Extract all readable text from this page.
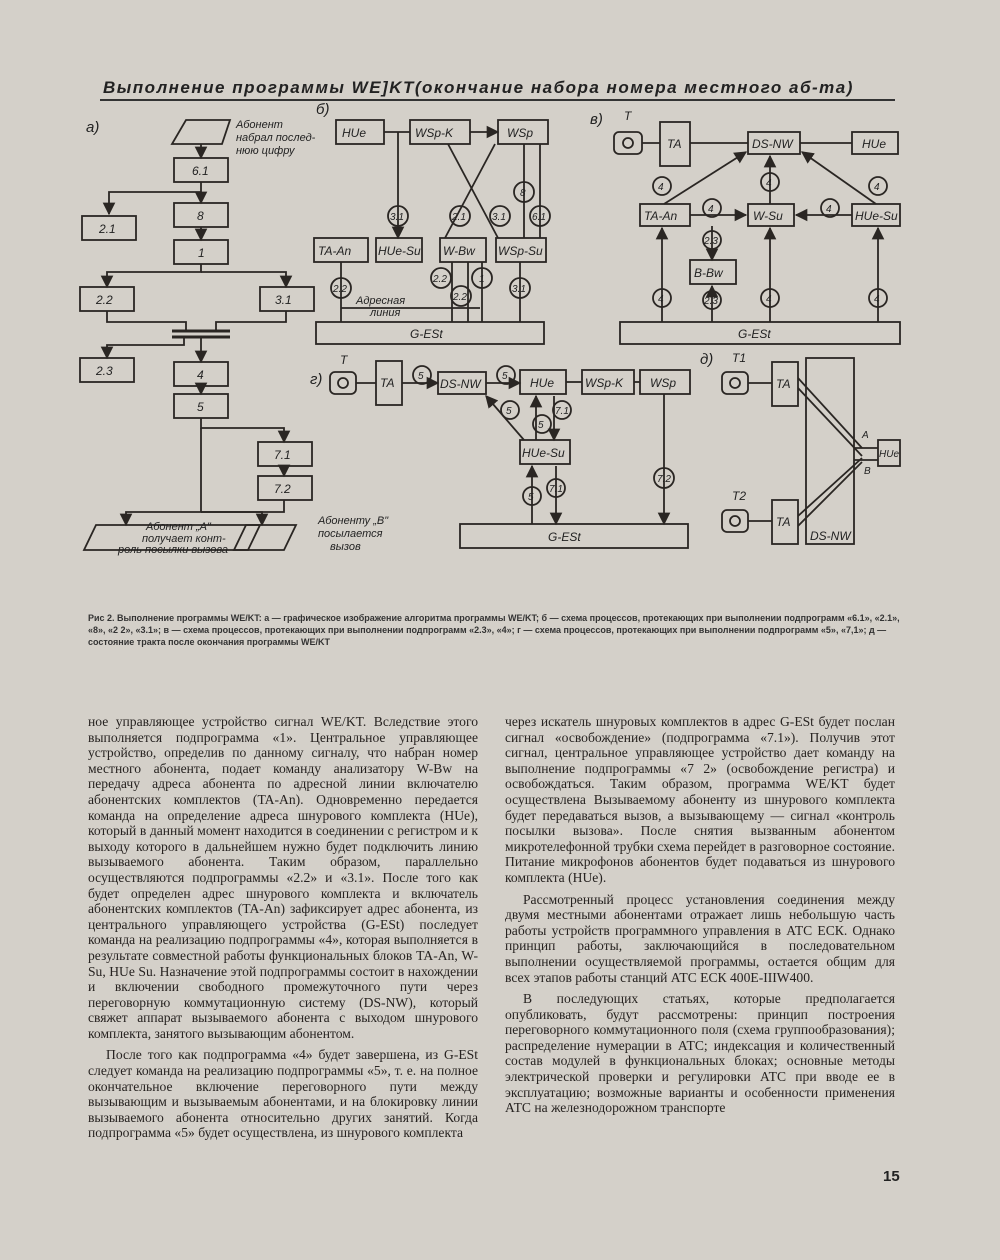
Выполнение программы WE]KT(окончание набора номера местного аб-та)
a)	Абонент
набрал послед-
нюю цифру
6.1
8
2.1
1
2.2	3.1
2.3	4
5
7.1
7.2
Абонент „A"
получает конт-
роль посылки вызова
Абоненту „B"
посылается
вызов
б)
HUe	WSp-K	WSp
3.1	2.1	3.1
8
6.1
TA-An HUe-Su W-Bw WSp-Su
2.2
2.2
2.2
1
3.1
Адресная
линия
G-ESt
в) T
TA	DS-NW	HUe
4	4	4
TA-An	W-Su	HUe-Su
4	4
2.3
B-Bw
4	2.3	4	4
G-ESt
г)
T
TA 5
DS-NW
5 HUe	WSp-K WSp
5
5
7.1
HUe-Su
5
7.1
7.2
G-ESt
д) T1
TA
T2
TA
DS-NW
A
B
HUe
Рис 2. Выполнение программы WE/KT: а — графическое изображение алгоритма программы WE/KT; б — схема процессов, протекающих при выполнении подпрограмм «6.1», «2.1», «8», «2 2», «3.1»; в — схема процессов, протекающих при выполнении подпрограмм «2.3», «4»; г — схема процессов, протекающих при выполнении подпрограмм «5», «7,1»; д — состояние тракта после окончания программы WE/KT

ное управляющее устройство сигнал WE/KT. Вследствие этого выполняется подпрограмма «1». Центральное управляющее устройство, определив по данному сигналу, что набран номер местного абонента, подает команду анализатору W-Bw на передачу адреса абонента по адресной линии включателю абонентских комплектов (TA-An). Одновременно передается команда на определение адреса шнурового комплекта (HUe), который в данный момент находится в соединении с регистром и к выходу которого в дальнейшем нужно будет подключить линию вызываемого абонента. Таким образом, параллельно осуществляются подпрограммы «2.2» и «3.1». После того как будет определен адрес шнурового комплекта и включатель абонентских комплектов (TA-An) зафиксирует адрес абонента, из центрального управляющего устройства (G-ESt) последует команда на реализацию подпрограммы «4», которая выполняется в результате совместной работы функциональных блоков TA-An, W-Su, HUe Su. Назначение этой подпрограммы состоит в нахождении и включении свободного промежуточного пути через переговорную коммутационную систему (DS-NW), который свяжет аппарат вызываемого абонента с выходом шнурового комплекта, занятого вызывающим абонентом.

После того как подпрограмма «4» будет завершена, из G-ESt следует команда на реализацию подпрограммы «5», т. е. на полное окончательное включение переговорного пути между вызывающим и вызываемым абонентами, и на блокировку линии вызываемого абонента относительно других занятий. Когда подпрограмма «5» будет осуществлена, из шнурового комплекта

через искатель шнуровых комплектов в адрес G-ESt будет послан сигнал «освобождение» (подпрограмма «7.1»). Получив этот сигнал, центральное управляющее устройство дает команду на выполнение подпрограммы «7 2» (освобождение регистра) и освобождаться. Таким образом, программа WE/KT будет осуществлена Вызываемому абоненту из шнурового комплекта будет передаваться вызов, а вызывающему — сигнал «контроль посылки вызова». После снятия вызванным абонентом микротелефонной трубки схема перейдет в разговорное состояние. Питание микрофонов абонентов будет подаваться из шнурового комплекта (HUe).

Рассмотренный процесс установления соединения между двумя местными абонентами отражает лишь небольшую часть работы устройств программного управления в АТС ЕСК. Однако принцип работы, заключающийся в последовательном выполнении осуществляемой программы, остается общим для всех этапов работы станций АТС ЕСК 400Е-IIIW400.

В последующих статьях, которые предполагается опубликовать, будут рассмотрены: принцип построения переговорного коммутационного поля (схема группообразования); распределение нумерации в АТС; индексация и количественный состав модулей в функциональных блоках; основные методы электрической проверки и регулировки АТС при вводе ее в эксплуатацию; возможные варианты и особенности применения АТС на железнодорожном транспорте

15
